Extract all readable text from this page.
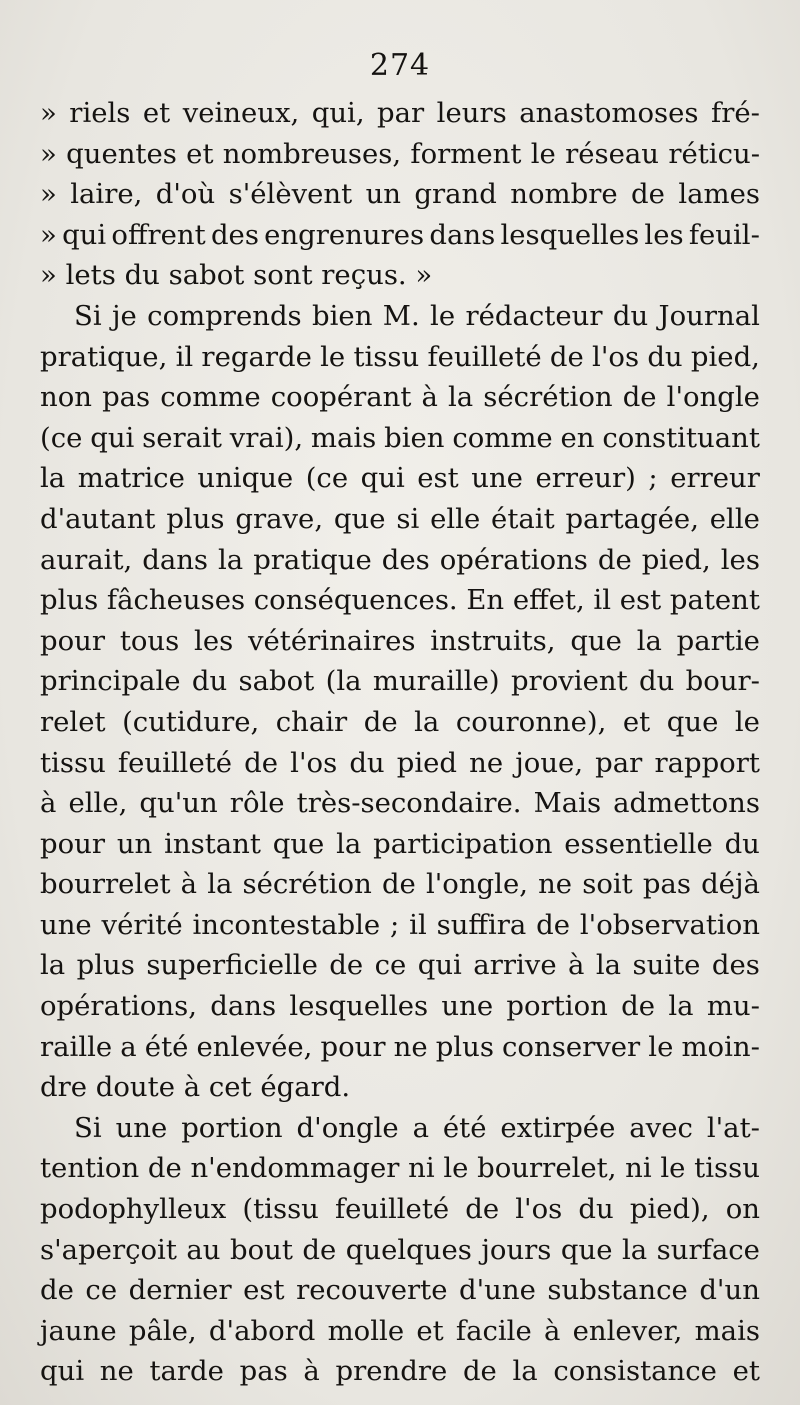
274
» riels et veineux, qui, par leurs anastomoses fré-
» quentes et nombreuses, forment le réseau réticu-
» laire, d'où s'élèvent un grand nombre de lames
» qui offrent des engrenures dans lesquelles les feuil-
» lets du sabot sont reçus. »
Si je comprends bien M. le rédacteur du Journal
pratique, il regarde le tissu feuilleté de l'os du pied,
non pas comme coopérant à la sécrétion de l'ongle
(ce qui serait vrai), mais bien comme en constituant
la matrice unique (ce qui est une erreur) ; erreur
d'autant plus grave, que si elle était partagée, elle
aurait, dans la pratique des opérations de pied, les
plus fâcheuses conséquences. En effet, il est patent
pour tous les vétérinaires instruits, que la partie
principale du sabot (la muraille) provient du bour-
relet (cutidure, chair de la couronne), et que le
tissu feuilleté de l'os du pied ne joue, par rapport
à elle, qu'un rôle très-secondaire. Mais admettons
pour un instant que la participation essentielle du
bourrelet à la sécrétion de l'ongle, ne soit pas déjà
une vérité incontestable ; il suffira de l'observation
la plus superficielle de ce qui arrive à la suite des
opérations, dans lesquelles une portion de la mu-
raille a été enlevée, pour ne plus conserver le moin-
dre doute à cet égard.
Si une portion d'ongle a été extirpée avec l'at-
tention de n'endommager ni le bourrelet, ni le tissu
podophylleux (tissu feuilleté de l'os du pied), on
s'aperçoit au bout de quelques jours que la surface
de ce dernier est recouverte d'une substance d'un
jaune pâle, d'abord molle et facile à enlever, mais
qui ne tarde pas à prendre de la consistance et
